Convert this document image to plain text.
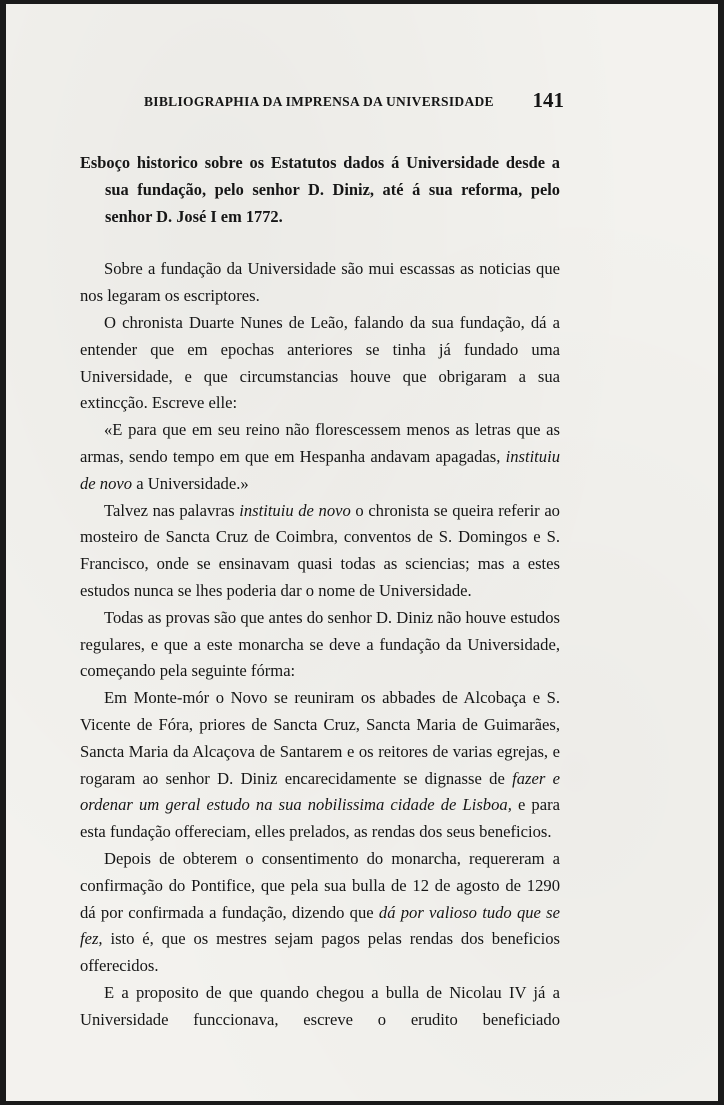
BIBLIOGRAPHIA DA IMPRENSA DA UNIVERSIDADE 141

Esboço historico sobre os Estatutos dados á Universidade desde a sua fundação, pelo senhor D. Diniz, até á sua reforma, pelo senhor D. José I em 1772.

Sobre a fundação da Universidade são mui escassas as noticias que nos legaram os escriptores.

O chronista Duarte Nunes de Leão, falando da sua fundação, dá a entender que em epochas anteriores se tinha já fundado uma Universidade, e que circumstancias houve que obrigaram a sua extincção. Escreve elle:

«E para que em seu reino não florescessem menos as letras que as armas, sendo tempo em que em Hespanha andavam apagadas, instituiu de novo a Universidade.»

Talvez nas palavras instituiu de novo o chronista se queira referir ao mosteiro de Sancta Cruz de Coimbra, conventos de S. Domingos e S. Francisco, onde se ensinavam quasi todas as sciencias; mas a estes estudos nunca se lhes poderia dar o nome de Universidade.

Todas as provas são que antes do senhor D. Diniz não houve estudos regulares, e que a este monarcha se deve a fundação da Universidade, começando pela seguinte fórma:

Em Monte-mór o Novo se reuniram os abbades de Alcobaça e S. Vicente de Fóra, priores de Sancta Cruz, Sancta Maria de Guimarães, Sancta Maria da Alcaçova de Santarem e os reitores de varias egrejas, e rogaram ao senhor D. Diniz encarecidamente se dignasse de fazer e ordenar um geral estudo na sua nobilissima cidade de Lisboa, e para esta fundação offereciam, elles prelados, as rendas dos seus beneficios.

Depois de obterem o consentimento do monarcha, requereram a confirmação do Pontifice, que pela sua bulla de 12 de agosto de 1290 dá por confirmada a fundação, dizendo que dá por valioso tudo que se fez, isto é, que os mestres sejam pagos pelas rendas dos beneficios offerecidos.

E a proposito de que quando chegou a bulla de Nicolau IV já a Universidade funccionava, escreve o erudito beneficiado
